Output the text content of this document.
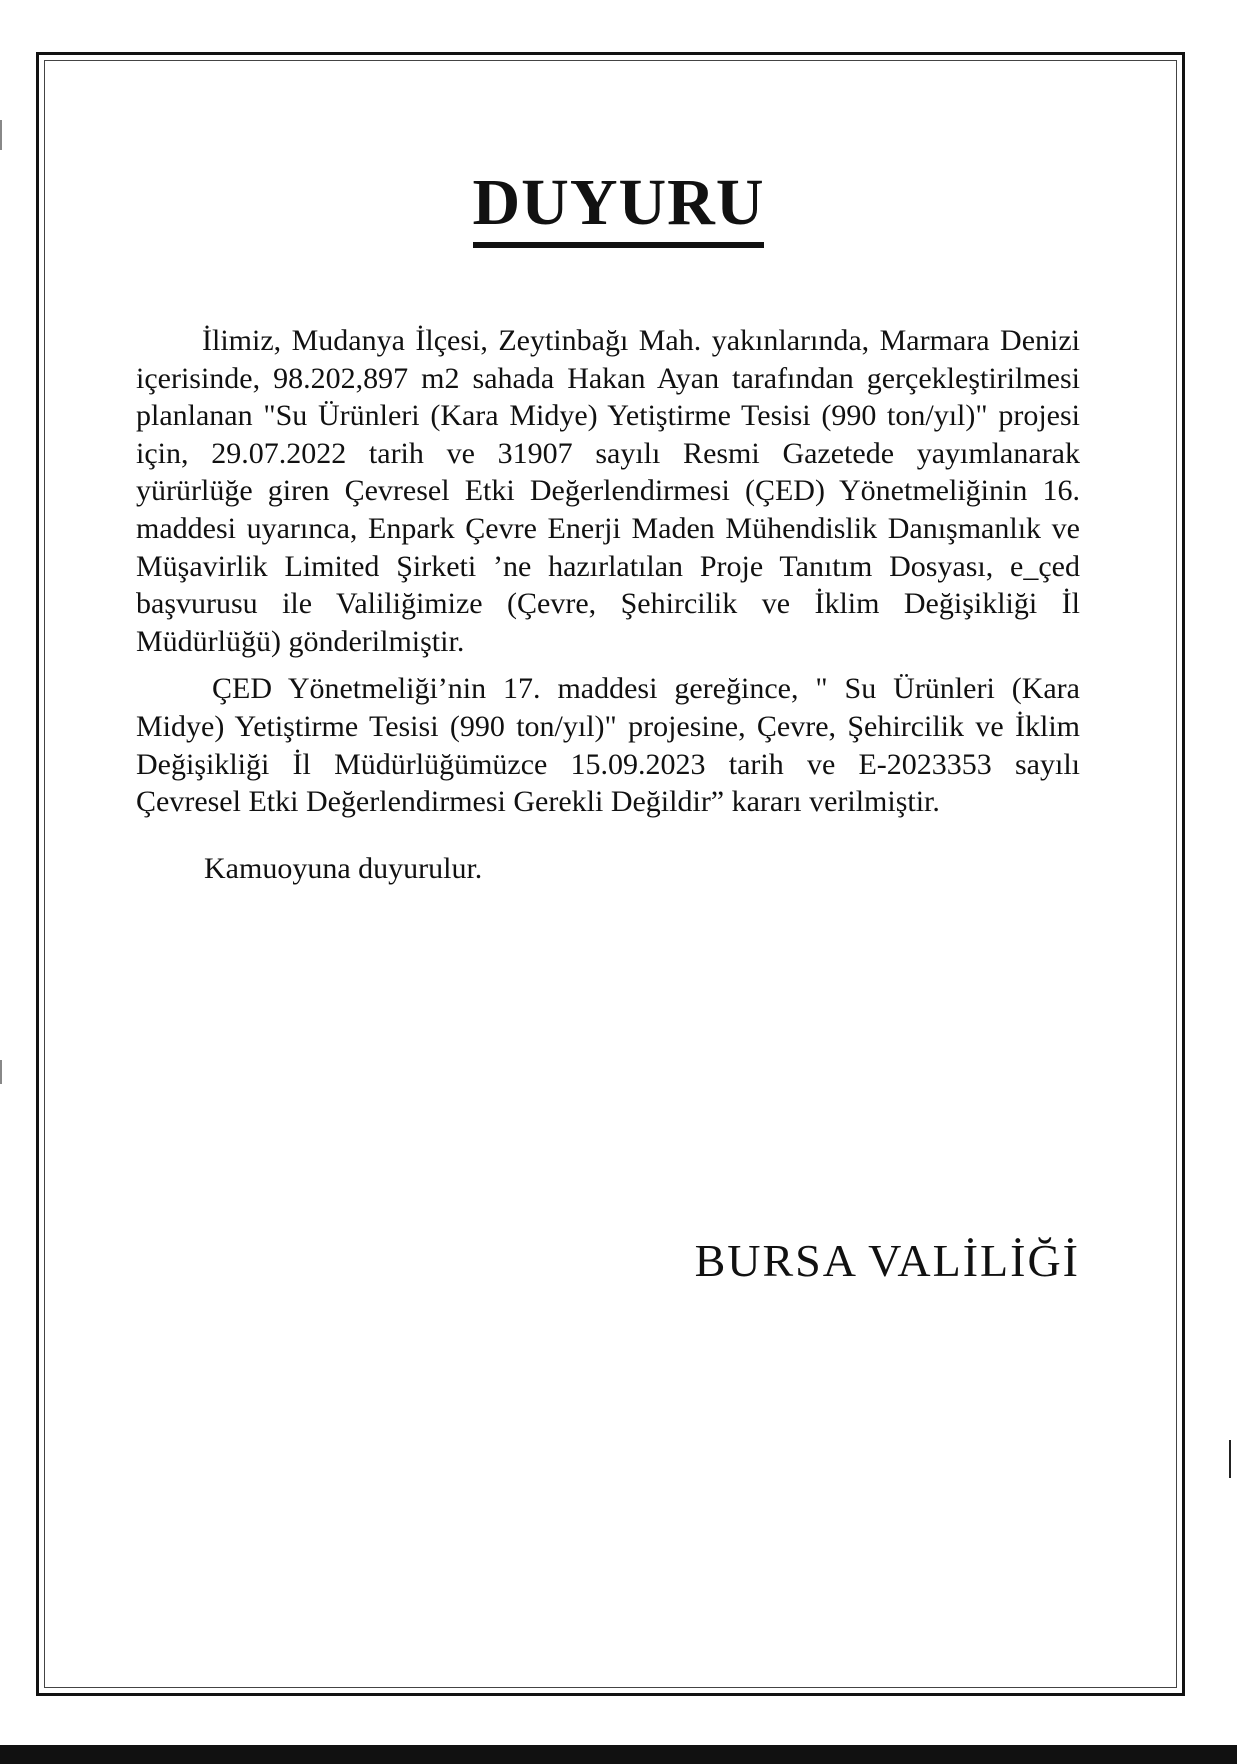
DUYURU

İlimiz, Mudanya İlçesi, Zeytinbağı Mah. yakınlarında, Marmara Denizi içerisinde, 98.202,897 m2 sahada Hakan Ayan tarafından gerçekleştirilmesi planlanan "Su Ürünleri (Kara Midye) Yetiştirme Tesisi (990 ton/yıl)" projesi için, 29.07.2022 tarih ve 31907 sayılı Resmi Gazetede yayımlanarak yürürlüğe giren Çevresel Etki Değerlendirmesi (ÇED) Yönetmeliğinin 16. maddesi uyarınca, Enpark Çevre Enerji Maden Mühendislik Danışmanlık ve Müşavirlik Limited Şirketi ’ne hazırlatılan Proje Tanıtım Dosyası, e_çed başvurusu ile Valiliğimize (Çevre, Şehircilik ve İklim Değişikliği İl Müdürlüğü) gönderilmiştir.

ÇED Yönetmeliği’nin 17. maddesi gereğince, " Su Ürünleri (Kara Midye) Yetiştirme Tesisi (990 ton/yıl)" projesine, Çevre, Şehircilik ve İklim Değişikliği İl Müdürlüğümüzce 15.09.2023 tarih ve E-2023353 sayılı Çevresel Etki Değerlendirmesi Gerekli Değildir” kararı verilmiştir.

Kamuoyuna duyurulur.

BURSA VALİLİĞİ
